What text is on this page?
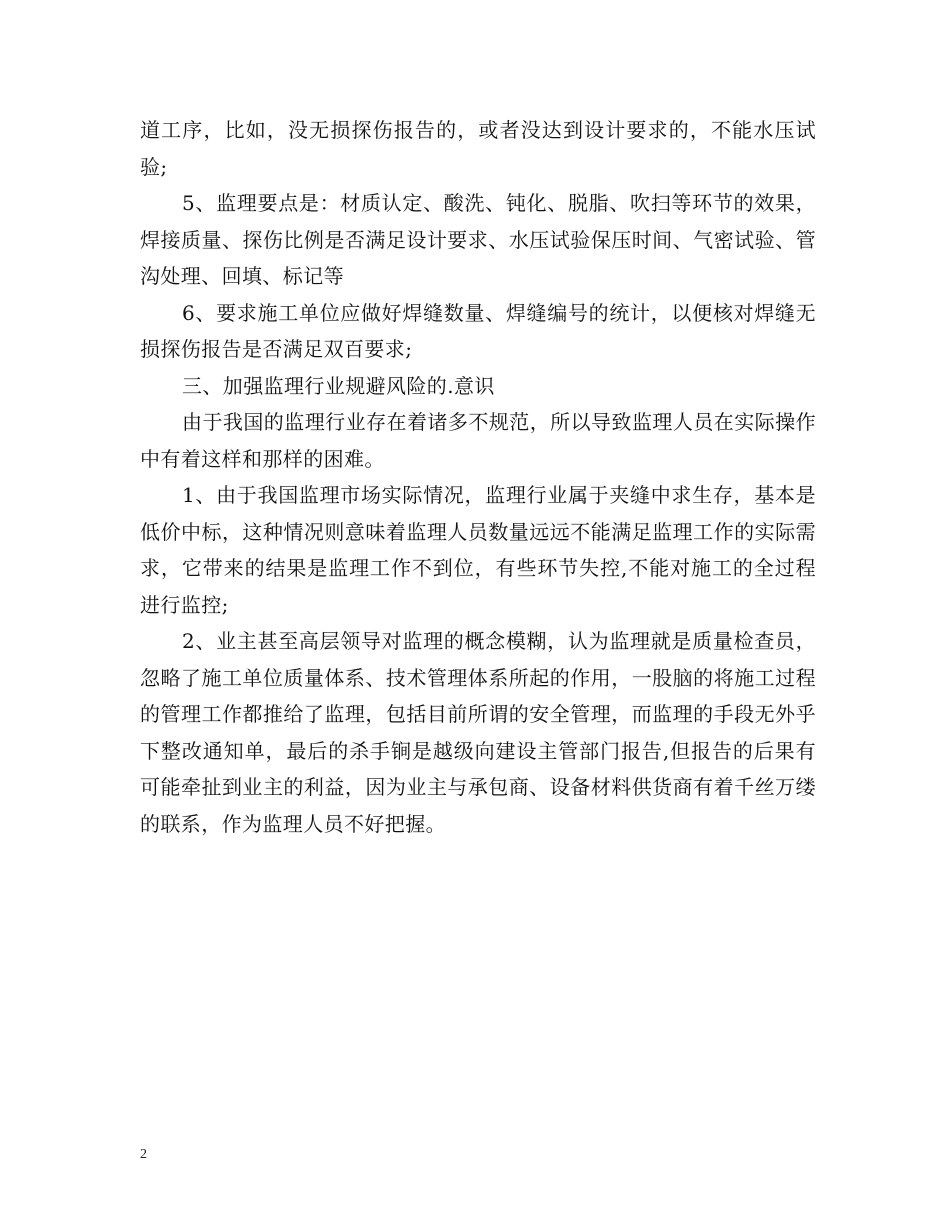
道工序，比如，没无损探伤报告的，或者没达到设计要求的，不能水压试验;

5、监理要点是：材质认定、酸洗、钝化、脱脂、吹扫等环节的效果，焊接质量、探伤比例是否满足设计要求、水压试验保压时间、气密试验、管沟处理、回填、标记等

6、要求施工单位应做好焊缝数量、焊缝编号的统计，以便核对焊缝无损探伤报告是否满足双百要求;

三、加强监理行业规避风险的.意识

由于我国的监理行业存在着诸多不规范，所以导致监理人员在实际操作中有着这样和那样的困难。

1、由于我国监理市场实际情况，监理行业属于夹缝中求生存，基本是低价中标，这种情况则意味着监理人员数量远远不能满足监理工作的实际需求，它带来的结果是监理工作不到位，有些环节失控,不能对施工的全过程进行监控;

2、业主甚至高层领导对监理的概念模糊，认为监理就是质量检查员，忽略了施工单位质量体系、技术管理体系所起的作用，一股脑的将施工过程的管理工作都推给了监理，包括目前所谓的安全管理，而监理的手段无外乎下整改通知单，最后的杀手锏是越级向建设主管部门报告,但报告的后果有可能牵扯到业主的利益，因为业主与承包商、设备材料供货商有着千丝万缕的联系，作为监理人员不好把握。

2
